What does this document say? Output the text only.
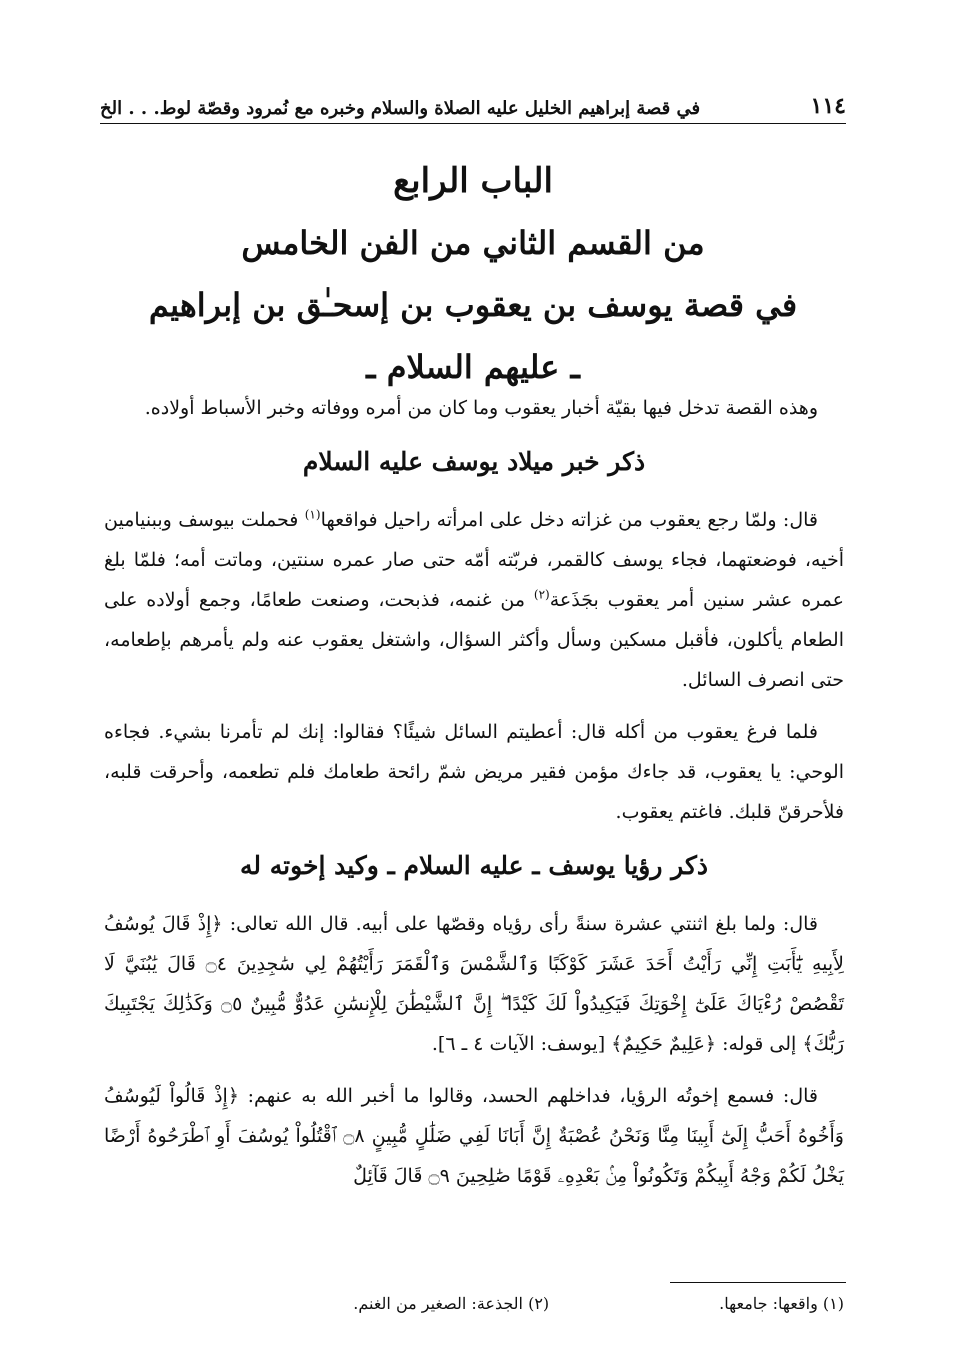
١١٤
في قصة إبراهيم الخليل عليه الصلاة والسلام وخبره مع نُمرود وقصّة لوط. . . الخ

الباب الرابع

من القسم الثاني من الفن الخامس

في قصة يوسف بن يعقوب بن إسحـٰق بن إبراهيم

ـ عليهم السلام ـ

وهذه القصة تدخل فيها بقيّة أخبار يعقوب وما كان من أمره ووفاته وخبر الأسباط أولاده.

ذكر خبر ميلاد يوسف عليه السلام

قال: ولمّا رجع يعقوب من غزاته دخل على امرأته راحيل فواقعها$^{(١)}$ فحملت بيوسف وببنيامين أخيه، فوضعتهما، فجاء يوسف كالقمر، فربّته أمّه حتى صار عمره سنتين، وماتت أمه؛ فلمّا بلغ عمره عشر سنين أمر يعقوب بجَذَعة$^{(٢)}$ من غنمه، فذبحت، وصنعت طعامًا، وجمع أولاده على الطعام يأكلون، فأقبل مسكين وسأل وأكثر السؤال، واشتغل يعقوب عنه ولم يأمرهم بإطعامه، حتى انصرف السائل.

فلما فرغ يعقوب من أكله قال: أعطيتم السائل شيئًا؟ فقالوا: إنك لم تأمرنا بشيء. فجاءه الوحي: يا يعقوب، قد جاءك مؤمن فقير مريض شمّ رائحة طعامك فلم تطعمه، وأحرقت قلبه، فلأحرقنّ قلبك. فاغتم يعقوب.

ذكر رؤيا يوسف ـ عليه السلام ـ وكيد إخوته له

قال: ولما بلغ اثنتي عشرة سنةً رأى رؤياه وقصّها على أبيه. قال الله تعالى: ﴿إِذْ قَالَ يُوسُفُ لِأَبِيهِ يَٰٓأَبَتِ إِنِّي رَأَيْتُ أَحَدَ عَشَرَ كَوْكَبًا وَٱلشَّمْسَ وَٱلْقَمَرَ رَأَيْتُهُمْ لِي سَٰجِدِينَ ۝٤ قَالَ يَٰبُنَيَّ لَا تَقْصُصْ رُءْيَاكَ عَلَىٰٓ إِخْوَتِكَ فَيَكِيدُواْ لَكَ كَيْدًا ۖ إِنَّ ٱلشَّيْطَٰنَ لِلْإِنسَٰنِ عَدُوٌّ مُّبِينٌ ۝٥ وَكَذَٰلِكَ يَجْتَبِيكَ رَبُّكَ﴾ إلى قوله: ﴿عَلِيمٌ حَكِيمٌ﴾ [يوسف: الآيات ٤ ـ ٦].

قال: فسمع إخوتُه الرؤيا، فداخلهم الحسد، وقالوا ما أخبر الله به عنهم: ﴿إِذْ قَالُواْ لَيُوسُفُ وَأَخُوهُ أَحَبُّ إِلَىٰٓ أَبِينَا مِنَّا وَنَحْنُ عُصْبَةٌ إِنَّ أَبَانَا لَفِي ضَلَٰلٍ مُّبِينٍ ۝٨ ٱقْتُلُواْ يُوسُفَ أَوِ ٱطْرَحُوهُ أَرْضًا يَخْلُ لَكُمْ وَجْهُ أَبِيكُمْ وَتَكُونُواْ مِنۢ بَعْدِهِۦ قَوْمًا صَٰلِحِينَ ۝٩ قَالَ قَآئِلٌ

(١) واقعها: جامعها.
(٢) الجذعة: الصغير من الغنم.
